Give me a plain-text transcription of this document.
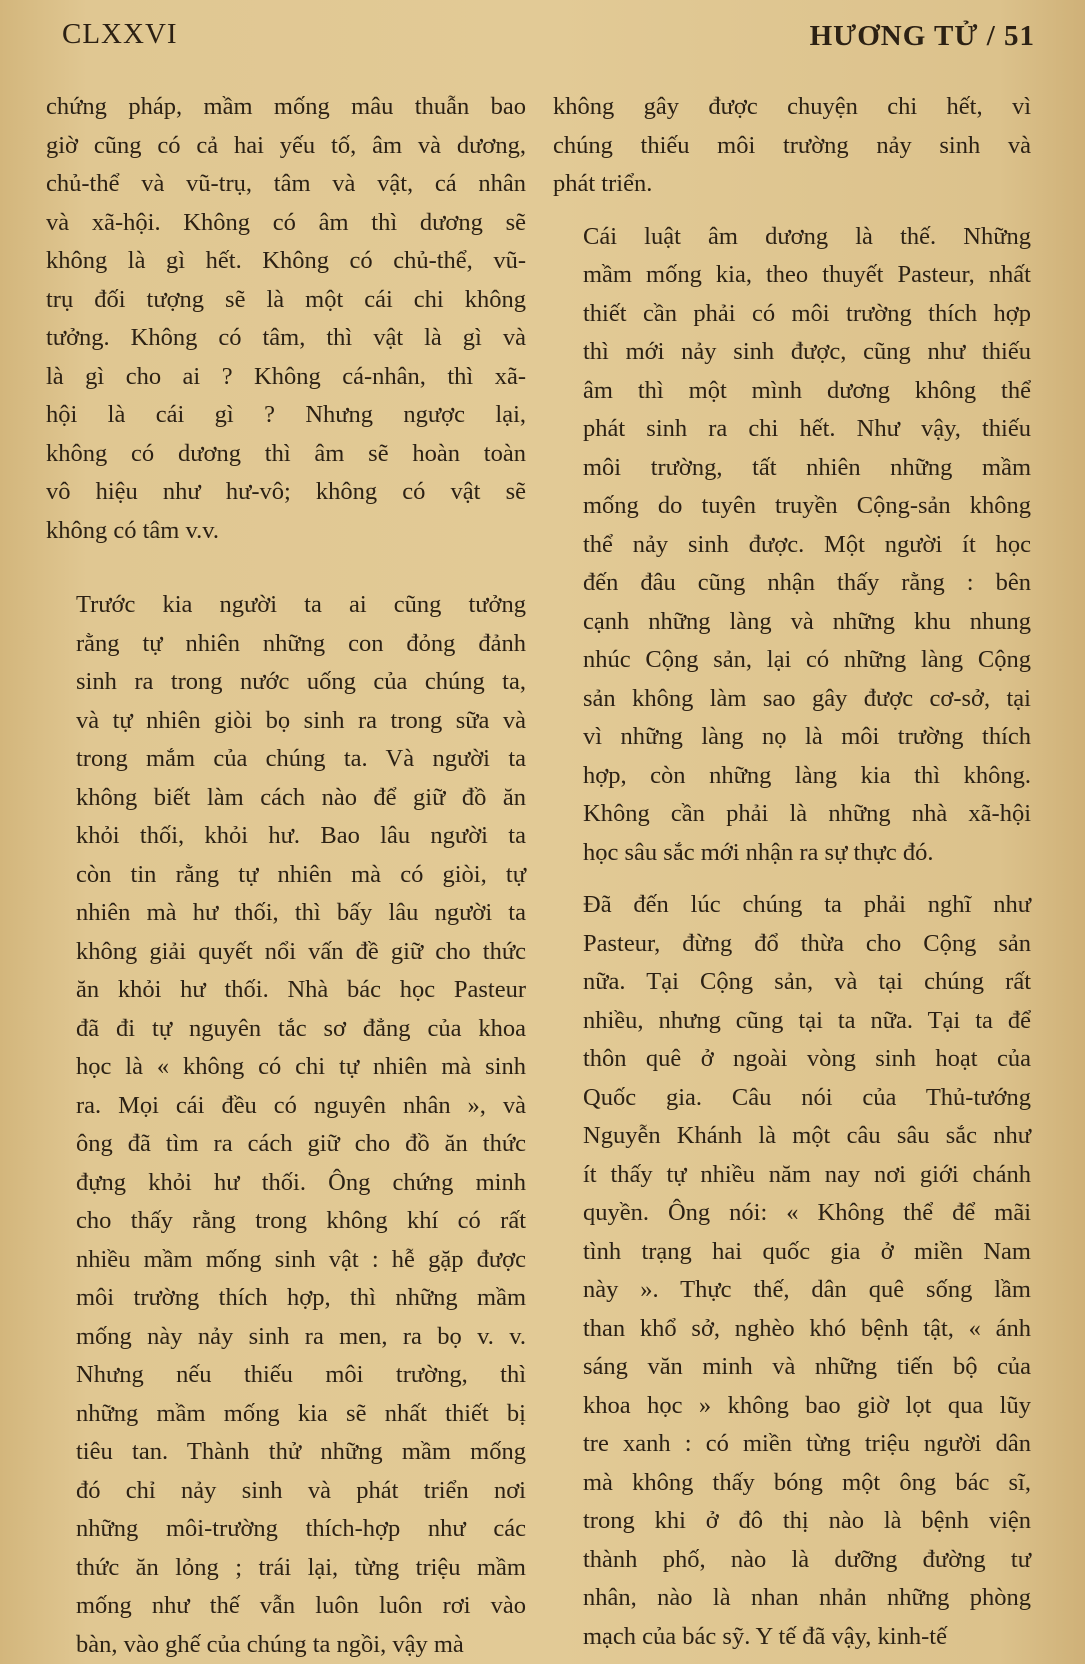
CLXXVI	HƯƠNG TỬ / 51
chứng pháp, mầm mống mâu thuẫn bao
giờ cũng có cả hai yếu tố, âm và dương,
chủ-thể và vũ-trụ, tâm và vật, cá nhân
và xã-hội. Không có âm thì dương sẽ
không là gì hết. Không có chủ-thể, vũ-
trụ đối tượng sẽ là một cái chi không
tưởng. Không có tâm, thì vật là gì và
là gì cho ai ? Không cá-nhân, thì xã-
hội là cái gì ? Nhưng ngược lại,
không có dương thì âm sẽ hoàn toàn
vô hiệu như hư-vô; không có vật sẽ
không có tâm v.v.
Trước kia người ta ai cũng tưởng
rằng tự nhiên những con đỏng đảnh
sinh ra trong nước uống của chúng ta,
và tự nhiên giòi bọ sinh ra trong sữa và
trong mắm của chúng ta. Và người ta
không biết làm cách nào để giữ đồ ăn
khỏi thối, khỏi hư. Bao lâu người ta
còn tin rằng tự nhiên mà có giòi, tự
nhiên mà hư thối, thì bấy lâu người ta
không giải quyết nổi vấn đề giữ cho thức
ăn khỏi hư thối. Nhà bác học Pasteur
đã đi tự nguyên tắc sơ đẳng của khoa
học là « không có chi tự nhiên mà sinh
ra. Mọi cái đều có nguyên nhân », và
ông đã tìm ra cách giữ cho đồ ăn thức
đựng khỏi hư thối. Ông chứng minh
cho thấy rằng trong không khí có rất
nhiều mầm mống sinh vật : hễ gặp được
môi trường thích hợp, thì những mầm
mống này nảy sinh ra men, ra bọ v. v.
Nhưng nếu thiếu môi trường, thì
những mầm mống kia sẽ nhất thiết bị
tiêu tan. Thành thử những mầm mống
đó chỉ nảy sinh và phát triển nơi
những môi-trường thích-hợp như các
thức ăn lỏng ; trái lại, từng triệu mầm
mống như thế vẫn luôn luôn rơi vào
bàn, vào ghế của chúng ta ngồi, vậy mà
không gây được chuyện chi hết, vì
chúng thiếu môi trường nảy sinh và
phát triển.
Cái luật âm dương là thế. Những
mầm mống kia, theo thuyết Pasteur, nhất
thiết cần phải có môi trường thích hợp
thì mới nảy sinh được, cũng như thiếu
âm thì một mình dương không thể
phát sinh ra chi hết. Như vậy, thiếu
môi trường, tất nhiên những mầm
mống do tuyên truyền Cộng-sản không
thể nảy sinh được. Một người ít học
đến đâu cũng nhận thấy rằng : bên
cạnh những làng và những khu nhung
nhúc Cộng sản, lại có những làng Cộng
sản không làm sao gây được cơ-sở, tại
vì những làng nọ là môi trường thích
hợp, còn những làng kia thì không.
Không cần phải là những nhà xã-hội
học sâu sắc mới nhận ra sự thực đó.
Đã đến lúc chúng ta phải nghĩ như
Pasteur, đừng đổ thừa cho Cộng sản
nữa. Tại Cộng sản, và tại chúng rất
nhiều, nhưng cũng tại ta nữa. Tại ta để
thôn quê ở ngoài vòng sinh hoạt của
Quốc gia. Câu nói của Thủ-tướng
Nguyễn Khánh là một câu sâu sắc như
ít thấy tự nhiều năm nay nơi giới chánh
quyền. Ông nói: « Không thể để mãi
tình trạng hai quốc gia ở miền Nam
này ». Thực thế, dân quê sống lầm
than khổ sở, nghèo khó bệnh tật, « ánh
sáng văn minh và những tiến bộ của
khoa học » không bao giờ lọt qua lũy
tre xanh : có miền từng triệu người dân
mà không thấy bóng một ông bác sĩ,
trong khi ở đô thị nào là bệnh viện
thành phố, nào là dưỡng đường tư
nhân, nào là nhan nhản những phòng
mạch của bác sỹ. Y tế đã vậy, kinh-tế
